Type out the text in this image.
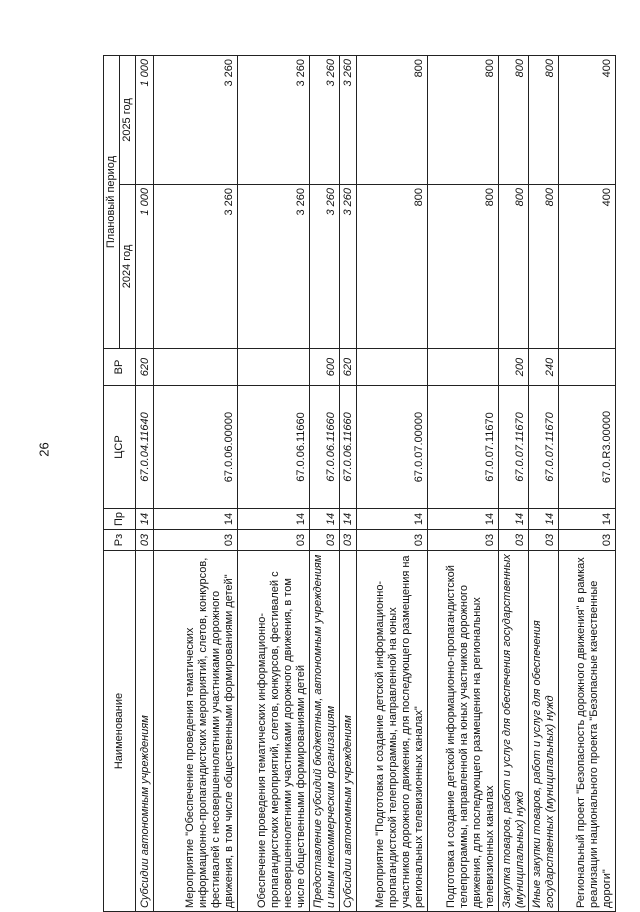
26
Наименование	Рз	Пр	ЦСР	ВР	Плановый период	
					2024 год	2025 год
Субсидии автономным учреждениям	03	14	67.0.04.11640	620	1 000	1 000
Мероприятие "Обеспечение проведения тематических информационно-пропагандистских мероприятий, слетов, конкурсов, фестивалей с несовершеннолетними участниками дорожного движения, в том числе общественными формированиями детей"	03	14	67.0.06.00000		3 260	3 260
Обеспечение проведения тематических информационно-пропагандистских мероприятий, слетов, конкурсов, фестивалей с несовершеннолетними участниками дорожного движения, в том числе общественными формированиями детей	03	14	67.0.06.11660		3 260	3 260
Предоставление субсидий бюджетным, автономным учреждениям и иным некоммерческим организациям	03	14	67.0.06.11660	600	3 260	3 260
Субсидии автономным учреждениям	03	14	67.0.06.11660	620	3 260	3 260
Мероприятие "Подготовка и создание детской информационно-пропагандистской телепрограммы, направленной на юных участников дорожного движения, для последующего размещения на региональных телевизионных каналах"	03	14	67.0.07.00000		800	800
Подготовка и создание детской информационно-пропагандистской телепрограммы, направленной на юных участников дорожного движения, для последующего размещения на региональных телевизионных каналах	03	14	67.0.07.11670		800	800
Закупка товаров, работ и услуг для обеспечения государственных (муниципальных) нужд	03	14	67.0.07.11670	200	800	800
Иные закупки товаров, работ и услуг для обеспечения государственных (муниципальных) нужд	03	14	67.0.07.11670	240	800	800
Региональный проект "Безопасность дорожного движения" в рамках реализации национального проекта "Безопасные качественные дороги"	03	14	67.0.R3.00000		400	400
